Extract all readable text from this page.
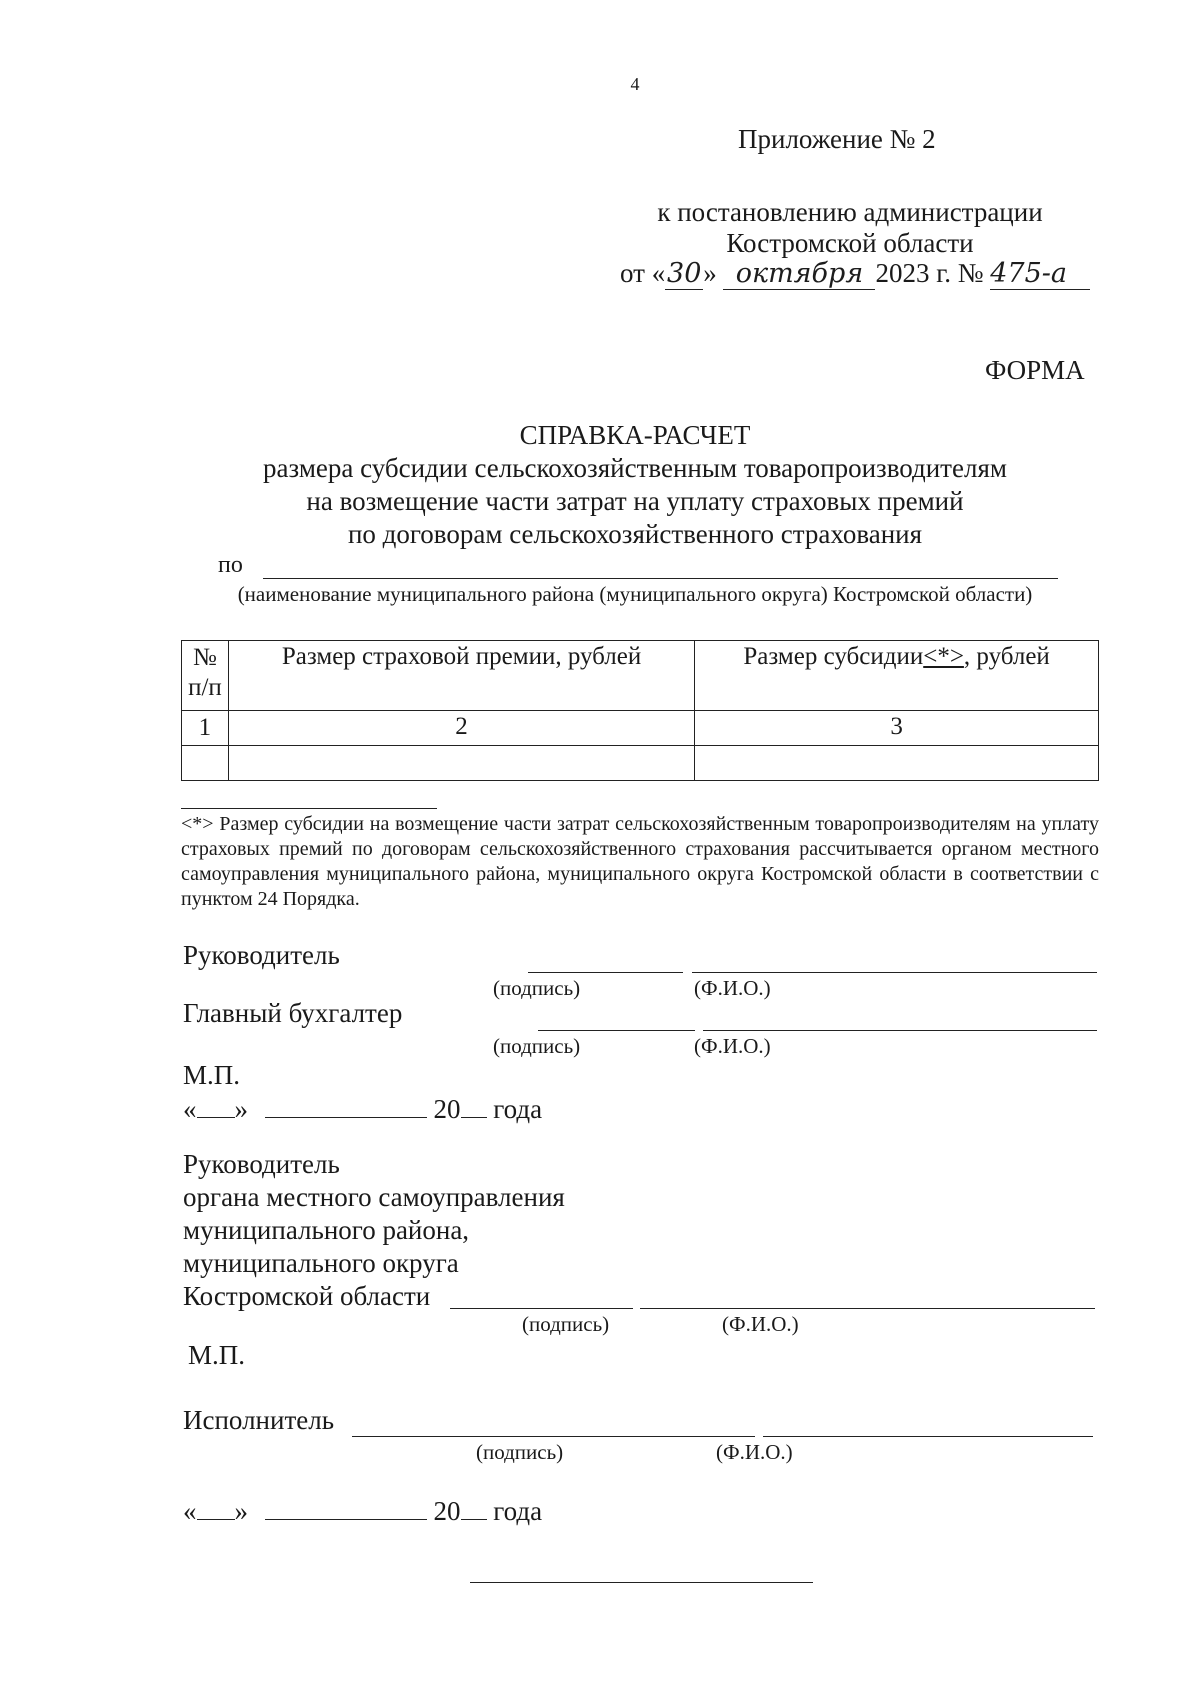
4
Приложение № 2
к постановлению администрации
Костромской области
от «30» октября 2023 г. № 475-а
ФОРМА
СПРАВКА-РАСЧЕТ
размера субсидии сельскохозяйственным товаропроизводителям
на возмещение части затрат на уплату страховых премий
по договорам сельскохозяйственного страхования
по
(наименование муниципального района (муниципального округа) Костромской области)
№ п/п	Размер страховой премии, рублей	Размер субсидии<*>, рублей
1	2	3

<*> Размер субсидии на возмещение части затрат сельскохозяйственным товаропроизводителям на уплату страховых премий по договорам сельскохозяйственного страхования рассчитывается органом местного самоуправления муниципального района, муниципального округа Костромской области в соответствии с пунктом 24 Порядка.
Руководитель
(подпись)	(Ф.И.О.)
Главный бухгалтер
(подпись)	(Ф.И.О.)
М.П.
« »	20 года
Руководитель
органа местного самоуправления
муниципального района,
муниципального округа
Костромской области
(подпись)	(Ф.И.О.)
М.П.
Исполнитель
(подпись)	(Ф.И.О.)
« »	20 года
